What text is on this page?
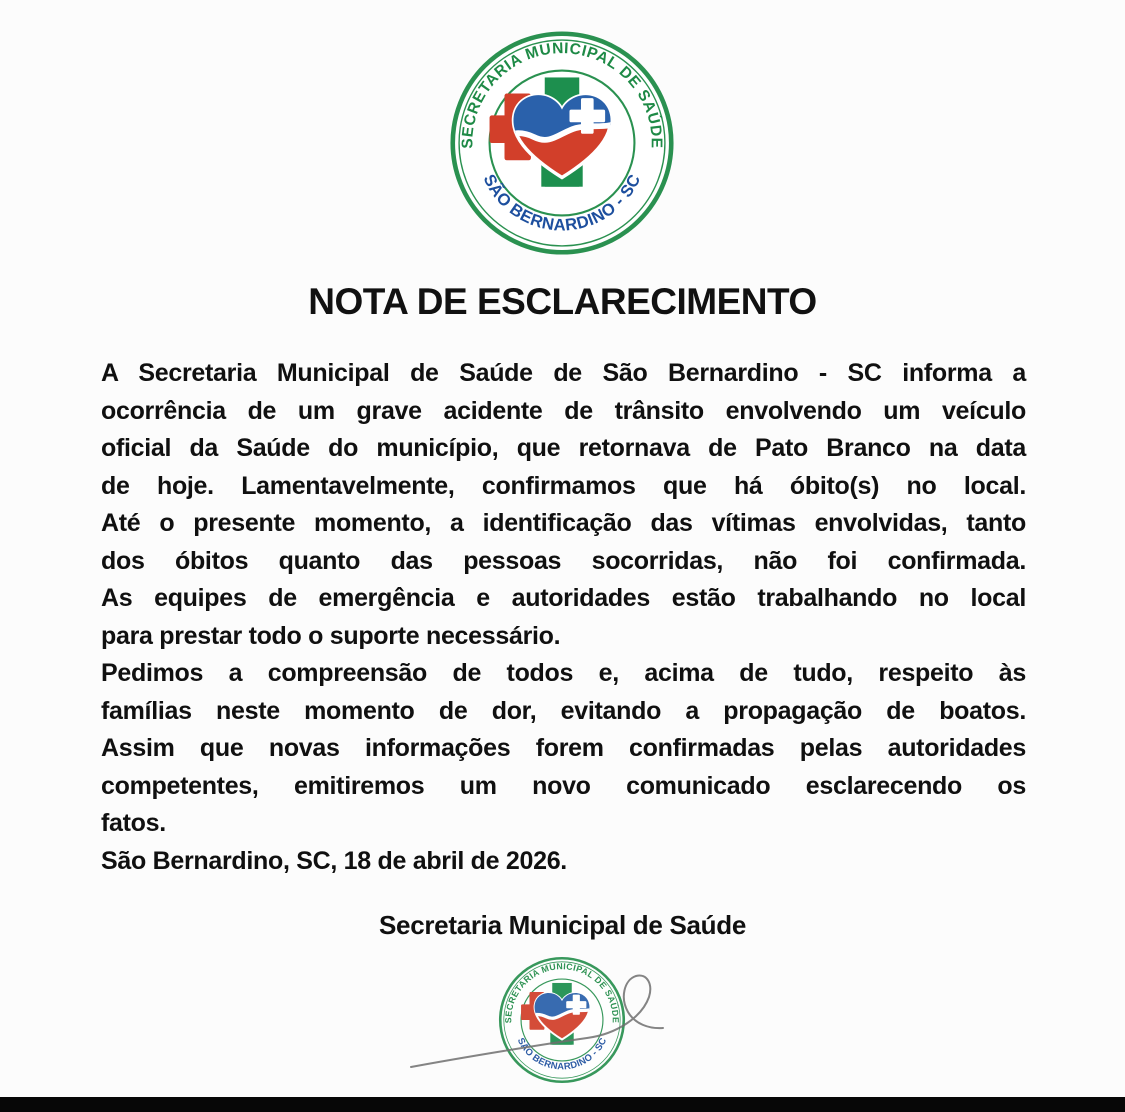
NOTA DE ESCLARECIMENTO
A Secretaria Municipal de Saúde de São Bernardino - SC informa a
ocorrência de um grave acidente de trânsito envolvendo um veículo
oficial da Saúde do município, que retornava de Pato Branco na data
de hoje. Lamentavelmente, confirmamos que há óbito(s) no local.
Até o presente momento, a identificação das vítimas envolvidas, tanto
dos óbitos quanto das pessoas socorridas, não foi confirmada.
As equipes de emergência e autoridades estão trabalhando no local
para prestar todo o suporte necessário.
Pedimos a compreensão de todos e, acima de tudo, respeito às
famílias neste momento de dor, evitando a propagação de boatos.
Assim que novas informações forem confirmadas pelas autoridades
competentes, emitiremos um novo comunicado esclarecendo os
fatos.
São Bernardino, SC, 18 de abril de 2026.
Secretaria Municipal de Saúde
